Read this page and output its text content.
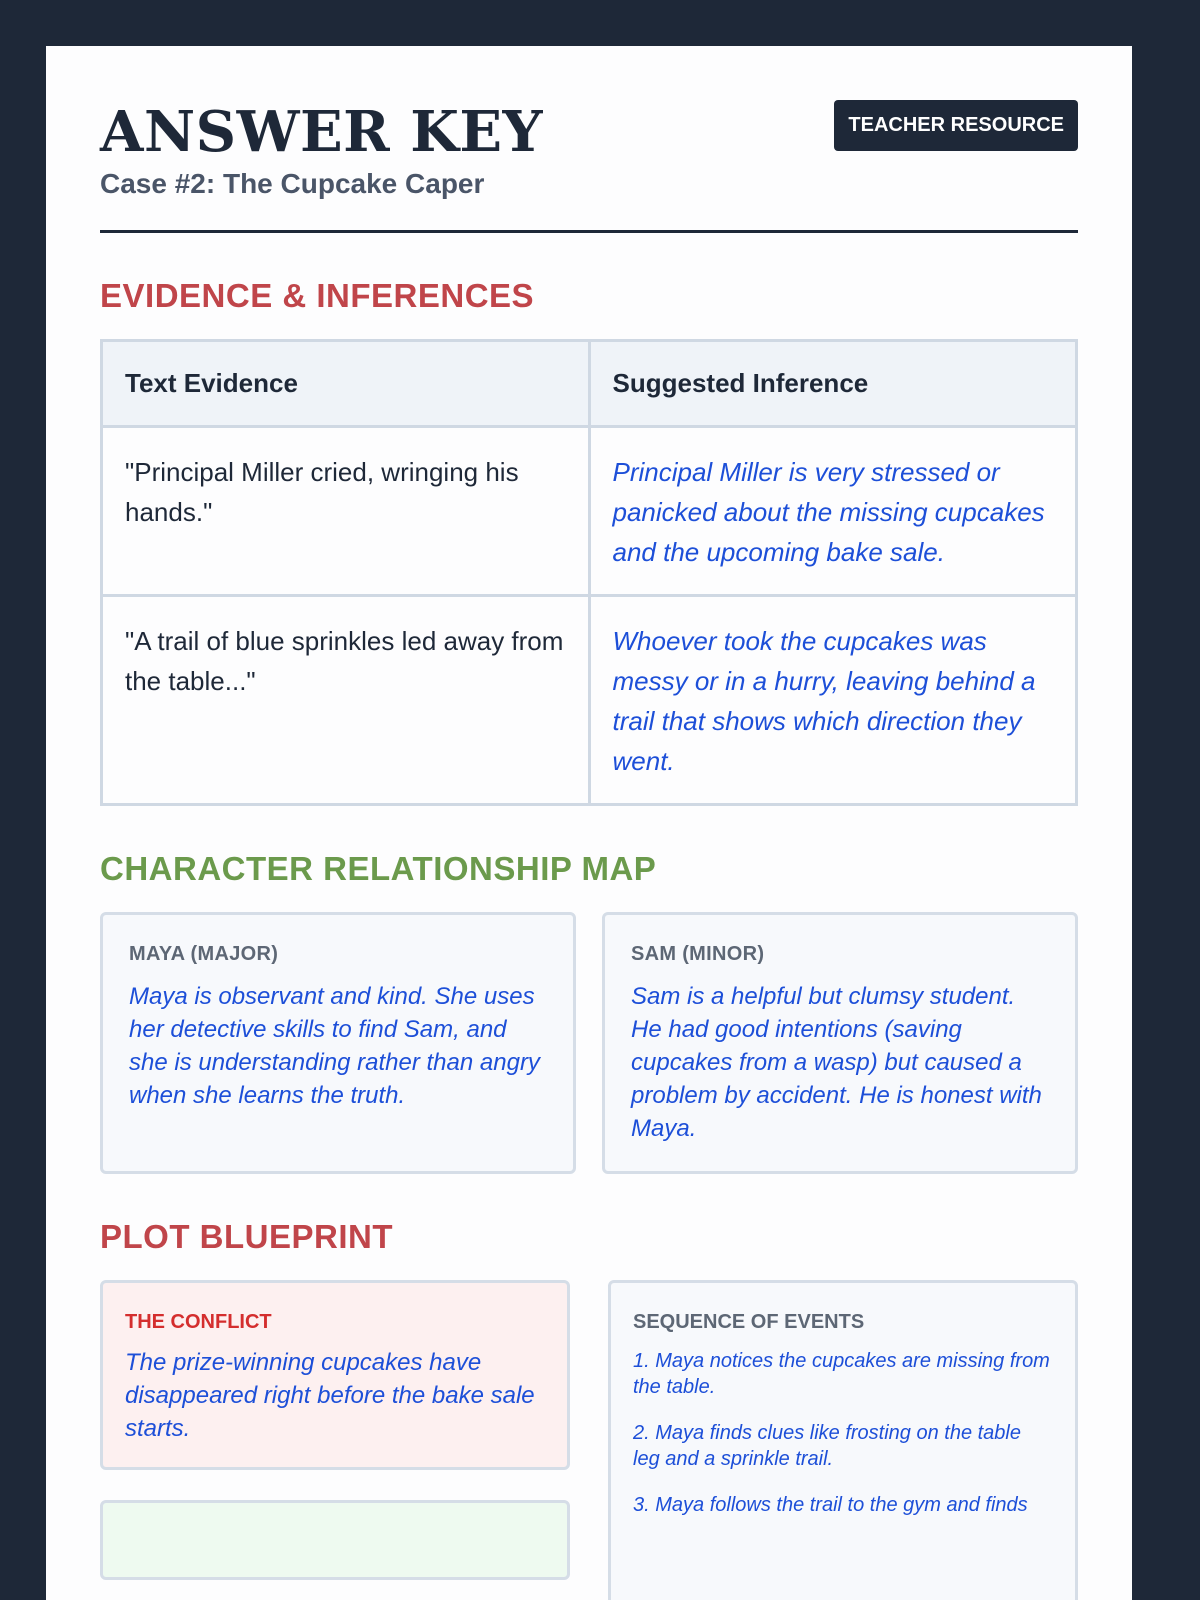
ANSWER KEY
Case #2: The Cupcake Caper
TEACHER RESOURCE
EVIDENCE & INFERENCES
Text Evidence	Suggested Inference
"Principal Miller cried, wringing his hands."	Principal Miller is very stressed or panicked about the missing cupcakes and the upcoming bake sale.
"A trail of blue sprinkles led away from the table..."	Whoever took the cupcakes was messy or in a hurry, leaving behind a trail that shows which direction they went.
CHARACTER RELATIONSHIP MAP
MAYA (MAJOR)
Maya is observant and kind. She uses her detective skills to find Sam, and she is understanding rather than angry when she learns the truth.
SAM (MINOR)
Sam is a helpful but clumsy student. He had good intentions (saving cupcakes from a wasp) but caused a problem by accident. He is honest with Maya.
PLOT BLUEPRINT
THE CONFLICT
The prize-winning cupcakes have disappeared right before the bake sale starts.
SEQUENCE OF EVENTS
1. Maya notices the cupcakes are missing from the table.
2. Maya finds clues like frosting on the table leg and a sprinkle trail.
3. Maya follows the trail to the gym and finds
